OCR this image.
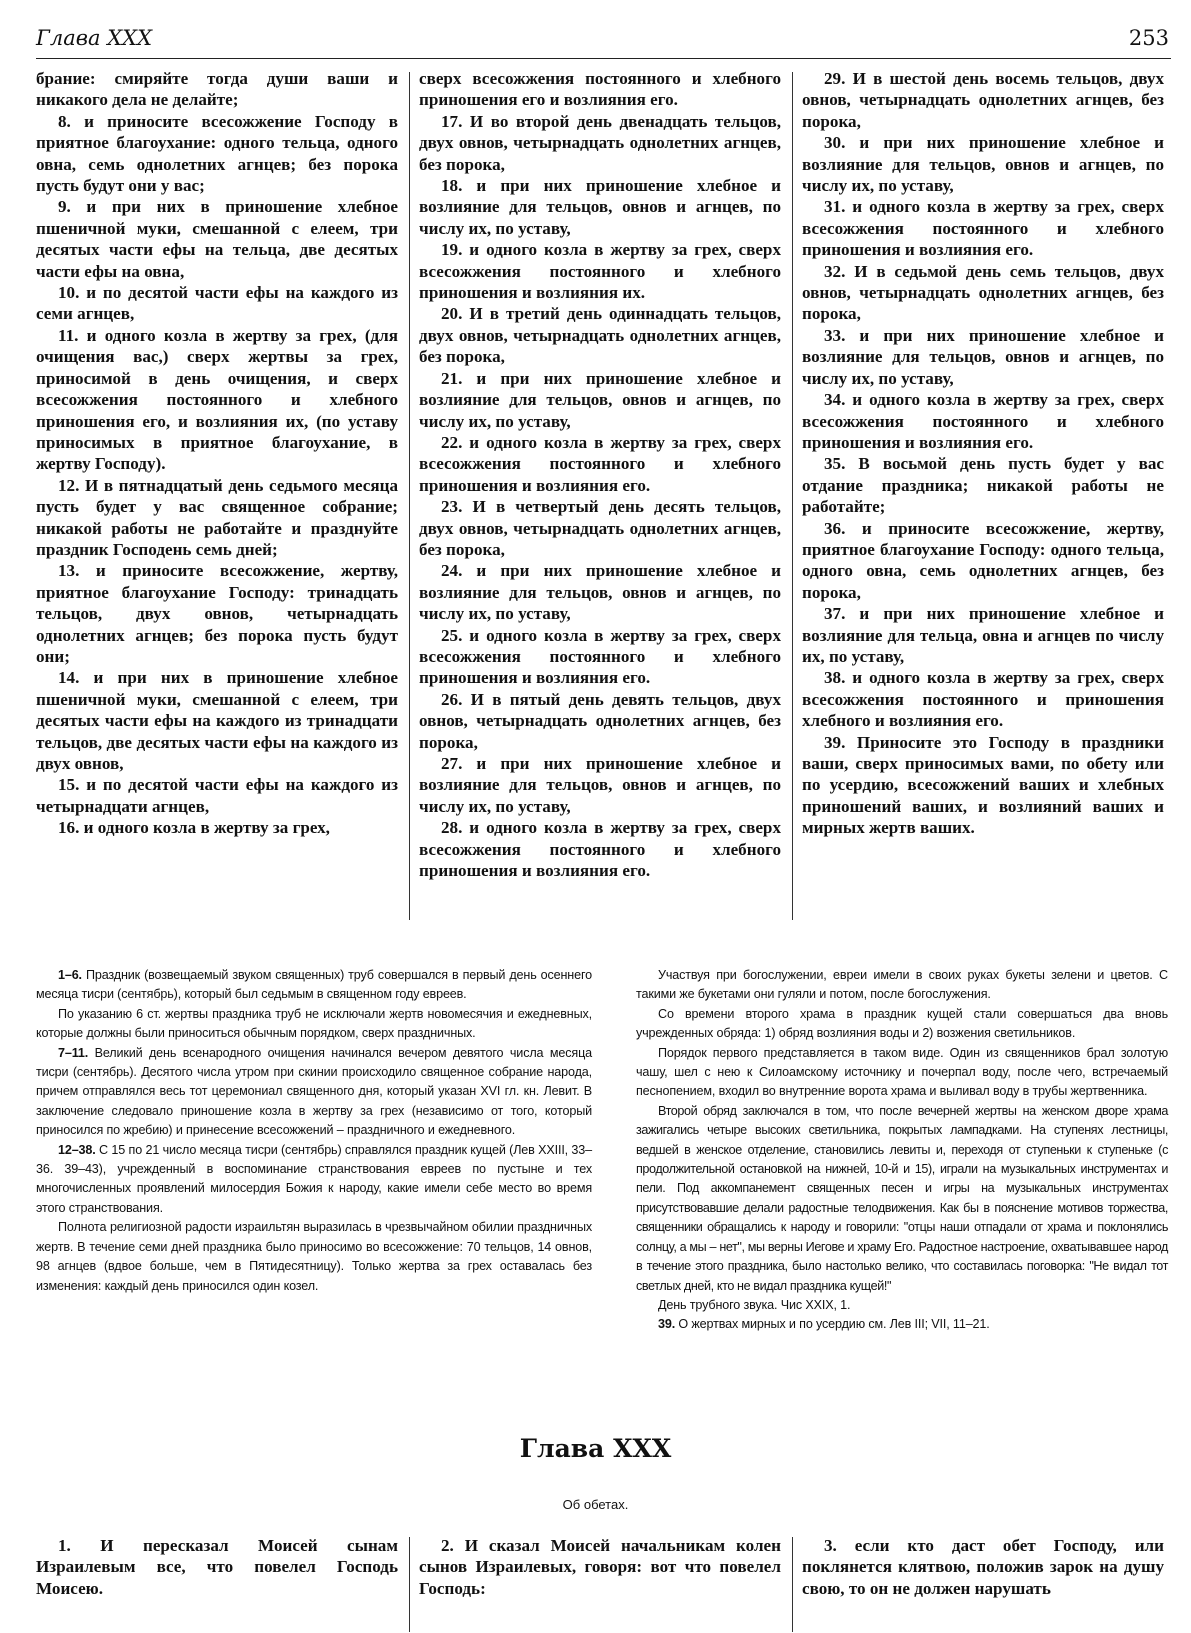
Глава XXX	253

брание: смиряйте тогда души ваши и никакого дела не делайте;

8. и приносите всесожжение Господу в приятное благоухание: одного тельца, одного овна, семь однолетних агнцев; без порока пусть будут они у вас;

9. и при них в приношение хлебное пшеничной муки, смешанной с елеем, три десятых части ефы на тельца, две десятых части ефы на овна,

10. и по десятой части ефы на каждого из семи агнцев,

11. и одного козла в жертву за грех, (для очищения вас,) сверх жертвы за грех, приносимой в день очищения, и сверх всесожжения постоянного и хлебного приношения его, и возлияния их, (по уставу приносимых в приятное благоухание, в жертву Господу).

12. И в пятнадцатый день седьмого месяца пусть будет у вас священное собрание; никакой работы не работайте и празднуйте праздник Господень семь дней;

13. и приносите всесожжение, жертву, приятное благоухание Господу: тринадцать тельцов, двух овнов, четырнадцать однолетних агнцев; без порока пусть будут они;

14. и при них в приношение хлебное пшеничной муки, смешанной с елеем, три десятых части ефы на каждого из тринадцати тельцов, две десятых части ефы на каждого из двух овнов,

15. и по десятой части ефы на каждого из четырнадцати агнцев,

16. и одного козла в жертву за грех,

сверх всесожжения постоянного и хлебного приношения его и возлияния его.

17. И во второй день двенадцать тельцов, двух овнов, четырнадцать однолетних агнцев, без порока,

18. и при них приношение хлебное и возлияние для тельцов, овнов и агнцев, по числу их, по уставу,

19. и одного козла в жертву за грех, сверх всесожжения постоянного и хлебного приношения и возлияния их.

20. И в третий день одиннадцать тельцов, двух овнов, четырнадцать однолетних агнцев, без порока,

21. и при них приношение хлебное и возлияние для тельцов, овнов и агнцев, по числу их, по уставу,

22. и одного козла в жертву за грех, сверх всесожжения постоянного и хлебного приношения и возлияния его.

23. И в четвертый день десять тельцов, двух овнов, четырнадцать однолетних агнцев, без порока,

24. и при них приношение хлебное и возлияние для тельцов, овнов и агнцев, по числу их, по уставу,

25. и одного козла в жертву за грех, сверх всесожжения постоянного и хлебного приношения и возлияния его.

26. И в пятый день девять тельцов, двух овнов, четырнадцать однолетних агнцев, без порока,

27. и при них приношение хлебное и возлияние для тельцов, овнов и агнцев, по числу их, по уставу,

28. и одного козла в жертву за грех, сверх всесожжения постоянного и хлебного приношения и возлияния его.

29. И в шестой день восемь тельцов, двух овнов, четырнадцать однолетних агнцев, без порока,

30. и при них приношение хлебное и возлияние для тельцов, овнов и агнцев, по числу их, по уставу,

31. и одного козла в жертву за грех, сверх всесожжения постоянного и хлебного приношения и возлияния его.

32. И в седьмой день семь тельцов, двух овнов, четырнадцать однолетних агнцев, без порока,

33. и при них приношение хлебное и возлияние для тельцов, овнов и агнцев, по числу их, по уставу,

34. и одного козла в жертву за грех, сверх всесожжения постоянного и хлебного приношения и возлияния его.

35. В восьмой день пусть будет у вас отдание праздника; никакой работы не работайте;

36. и приносите всесожжение, жертву, приятное благоухание Господу: одного тельца, одного овна, семь однолетних агнцев, без порока,

37. и при них приношение хлебное и возлияние для тельца, овна и агнцев по числу их, по уставу,

38. и одного козла в жертву за грех, сверх всесожжения постоянного и приношения хлебного и возлияния его.

39. Приносите это Господу в праздники ваши, сверх приносимых вами, по обету или по усердию, всесожжений ваших и хлебных приношений ваших, и возлияний ваших и мирных жертв ваших.

1–6. Праздник (возвещаемый звуком священных) труб совершался в первый день осеннего месяца тисри (сентябрь), который был седьмым в священном году евреев.

По указанию 6 ст. жертвы праздника труб не исключали жертв новомесячия и ежедневных, которые должны были приноситься обычным порядком, сверх праздничных.

7–11. Великий день всенародного очищения начинался вечером девятого числа месяца тисри (сентябрь). Десятого числа утром при скинии происходило священное собрание народа, причем отправлялся весь тот церемониал священного дня, который указан XVI гл. кн. Левит. В заключение следовало приношение козла в жертву за грех (независимо от того, который приносился по жребию) и принесение всесожжений – праздничного и ежедневного.

12–38. С 15 по 21 число месяца тисри (сентябрь) справлялся праздник кущей (Лев XXIII, 33–36. 39–43), учрежденный в воспоминание странствования евреев по пустыне и тех многочисленных проявлений милосердия Божия к народу, какие имели себе место во время этого странствования.

Полнота религиозной радости израильтян выразилась в чрезвычайном обилии праздничных жертв. В течение семи дней праздника было приносимо во всесожжение: 70 тельцов, 14 овнов, 98 агнцев (вдвое больше, чем в Пятидесятницу). Только жертва за грех оставалась без изменения: каждый день приносился один козел.

Участвуя при богослужении, евреи имели в своих руках букеты зелени и цветов. С такими же букетами они гуляли и потом, после богослужения.

Со времени второго храма в праздник кущей стали совершаться два вновь учрежденных обряда: 1) обряд возлияния воды и 2) возжения светильников.

Порядок первого представляется в таком виде. Один из священников брал золотую чашу, шел с нею к Силоамскому источнику и почерпал воду, после чего, встречаемый песнопением, входил во внутренние ворота храма и выливал воду в трубы жертвенника.

Второй обряд заключался в том, что после вечерней жертвы на женском дворе храма зажигались четыре высоких светильника, покрытых лампадками. На ступенях лестницы, ведшей в женское отделение, становились левиты и, переходя от ступеньки к ступеньке (с продолжительной остановкой на нижней, 10-й и 15), играли на музыкальных инструментах и пели. Под аккомпанемент священных песен и игры на музыкальных инструментах присутствовавшие делали радостные телодвижения. Как бы в пояснение мотивов торжества, священники обращались к народу и говорили: "отцы наши отпадали от храма и поклонялись солнцу, а мы – нет", мы верны Иегове и храму Его. Радостное настроение, охватывавшее народ в течение этого праздника, было настолько велико, что составилась поговорка: "Не видал тот светлых дней, кто не видал праздника кущей!"

День трубного звука. Чис XXIX, 1.

39. О жертвах мирных и по усердию см. Лев III; VII, 11–21.

Глава XXX
Об обетах.

1. И пересказал Моисей сынам Израилевым все, что повелел Господь Моисею.

2. И сказал Моисей начальникам колен сынов Израилевых, говоря: вот что повелел Господь:

3. если кто даст обет Господу, или поклянется клятвою, положив зарок на душу свою, то он не должен нарушать
